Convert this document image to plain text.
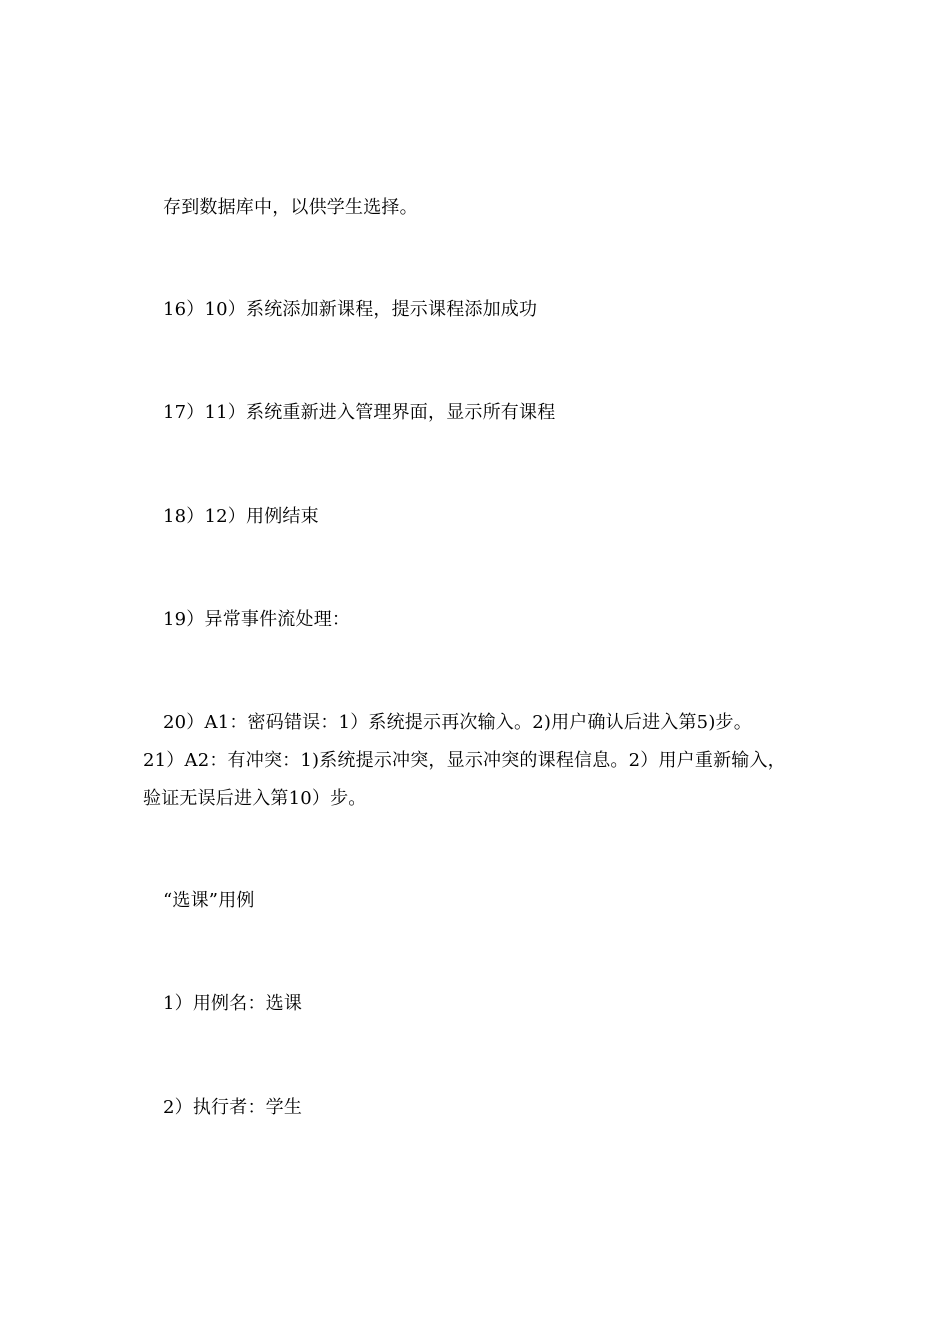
存到数据库中，以供学生选择。
16）10）系统添加新课程，提示课程添加成功
17）11）系统重新进入管理界面，显示所有课程
18）12）用例结束
19）异常事件流处理：
20）A1：密码错误：1）系统提示再次输入。2)用户确认后进入第5)步。
21）A2：有冲突：1)系统提示冲突，显示冲突的课程信息。2）用户重新输入，
验证无误后进入第10）步。
“选课”用例
1）用例名：选课
2）执行者：学生
